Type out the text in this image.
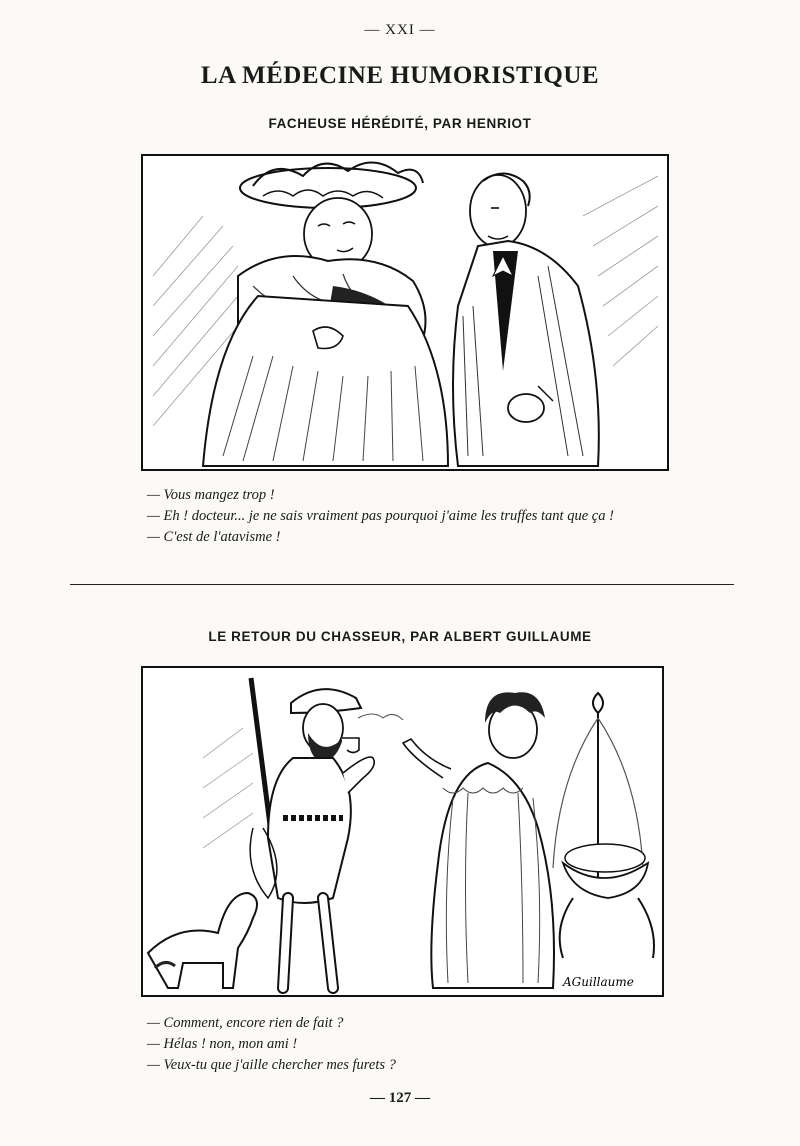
— XXI —
LA MÉDECINE HUMORISTIQUE
FACHEUSE HÉRÉDITÉ, PAR HENRIOT
— Vous mangez trop !
— Eh ! docteur... je ne sais vraiment pas pourquoi j'aime les truffes tant que ça !
— C'est de l'atavisme !
LE RETOUR DU CHASSEUR, PAR ALBERT GUILLAUME
AGuillaume
— Comment, encore rien de fait ?
— Hélas ! non, mon ami !
— Veux-tu que j'aille chercher mes furets ?
— 127 —
